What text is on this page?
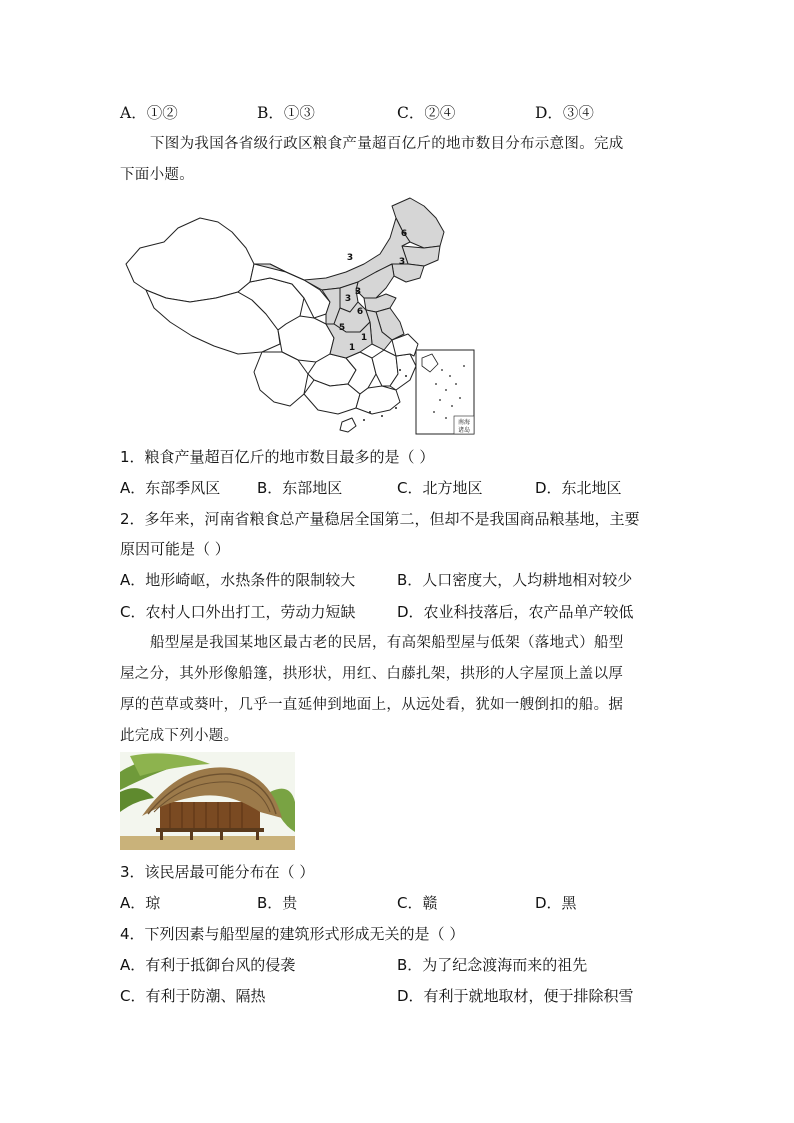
A．①②	B．①③	C．②④	D．③④
下图为我国各省级行政区粮食产量超百亿斤的地市数目分布示意图。完成
下面小题。
6
3
3
3
3
6
5
1
1
南海诸岛
1．粮食产量超百亿斤的地市数目最多的是（ ）
A．东部季风区 B．东部地区	C．北方地区	D．东北地区
2．多年来，河南省粮食总产量稳居全国第二，但却不是我国商品粮基地，主要
原因可能是（ ）
A．地形崎岖，水热条件的限制较大	B．人口密度大，人均耕地相对较少
C．农村人口外出打工，劳动力短缺	D．农业科技落后，农产品单产较低
船型屋是我国某地区最古老的民居，有高架船型屋与低架（落地式）船型
屋之分，其外形像船篷，拱形状，用红、白藤扎架，拱形的人字屋顶上盖以厚
厚的芭草或葵叶，几乎一直延伸到地面上，从远处看，犹如一艘倒扣的船。据
此完成下列小题。
3．该民居最可能分布在（ ）
A．琼	B．贵	C．赣	D．黑
4．下列因素与船型屋的建筑形式形成无关的是（ ）
A．有利于抵御台风的侵袭	B．为了纪念渡海而来的祖先
C．有利于防潮、隔热	D．有利于就地取材，便于排除积雪
